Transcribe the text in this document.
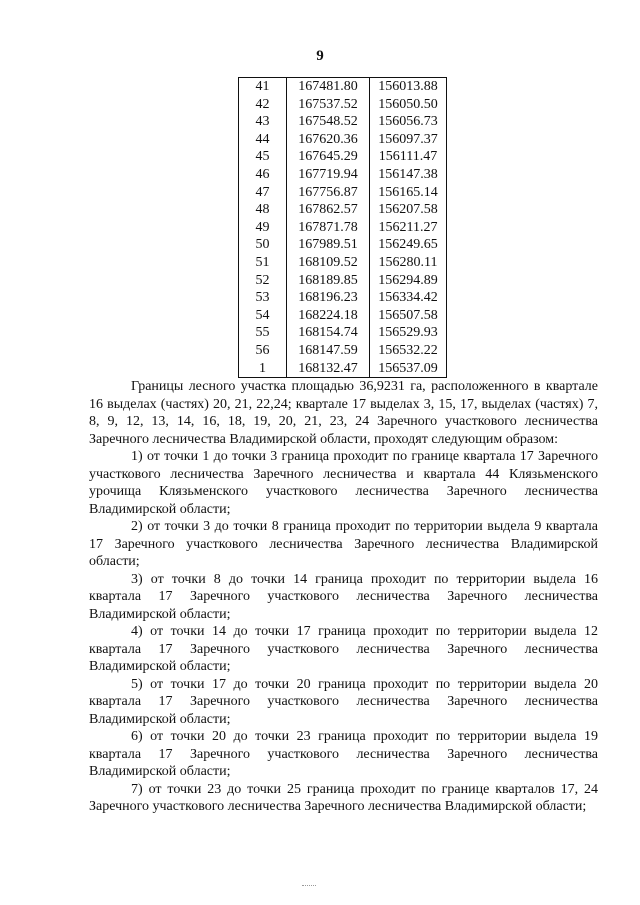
9
41	167481.80	156013.88
42	167537.52	156050.50
43	167548.52	156056.73
44	167620.36	156097.37
45	167645.29	156111.47
46	167719.94	156147.38
47	167756.87	156165.14
48	167862.57	156207.58
49	167871.78	156211.27
50	167989.51	156249.65
51	168109.52	156280.11
52	168189.85	156294.89
53	168196.23	156334.42
54	168224.18	156507.58
55	168154.74	156529.93
56	168147.59	156532.22
1	168132.47	156537.09

Границы лесного участка площадью 36,9231 га, расположенного в квартале 16 выделах (частях) 20, 21, 22,24; квартале 17 выделах 3, 15, 17, выделах (частях) 7, 8, 9, 12, 13, 14, 16, 18, 19, 20, 21, 23, 24 Заречного участкового лесничества Заречного лесничества Владимирской области, проходят следующим образом:

1) от точки 1 до точки 3 граница проходит по границе квартала 17 Заречного участкового лесничества Заречного лесничества и квартала 44 Клязьменского урочища Клязьменского участкового лесничества Заречного лесничества Владимирской области;

2) от точки 3 до точки 8 граница проходит по территории выдела 9 квартала 17 Заречного участкового лесничества Заречного лесничества Владимирской области;

3) от точки 8 до точки 14 граница проходит по территории выдела 16 квартала 17 Заречного участкового лесничества Заречного лесничества Владимирской области;

4) от точки 14 до точки 17 граница проходит по территории выдела 12 квартала 17 Заречного участкового лесничества Заречного лесничества Владимирской области;

5) от точки 17 до точки 20 граница проходит по территории выдела 20 квартала 17 Заречного участкового лесничества Заречного лесничества Владимирской области;

6) от точки 20 до точки 23 граница проходит по территории выдела 19 квартала 17 Заречного участкового лесничества Заречного лесничества Владимирской области;

7) от точки 23 до точки 25 граница проходит по границе кварталов 17, 24 Заречного участкового лесничества Заречного лесничества Владимирской области;
